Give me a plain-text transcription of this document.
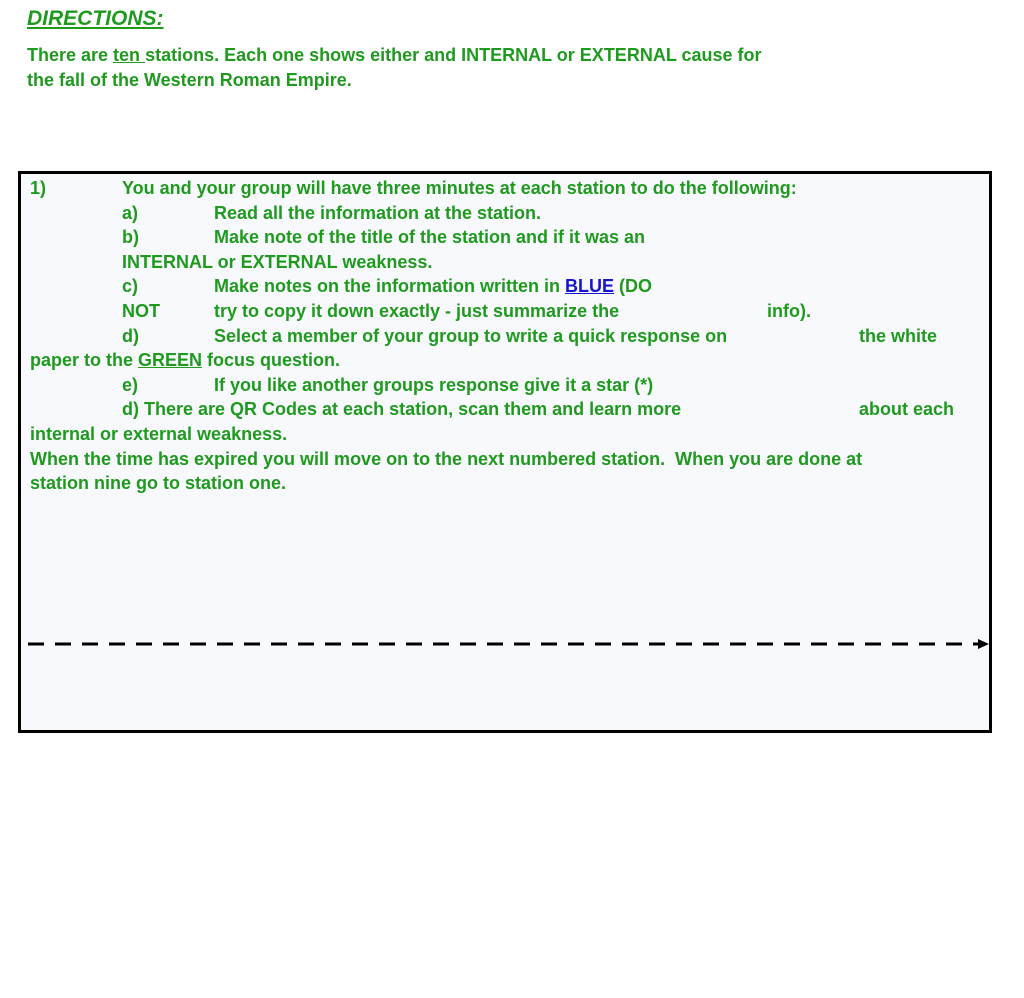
DIRECTIONS:
There are ten stations. Each one shows either and INTERNAL or EXTERNAL cause for
the fall of the Western Roman Empire.

1)

	You and your group will have three minutes at each station to do the following:

a)

	Read all the information at the station.

b)

	Make note of the title of the station and if it was an

INTERNAL or EXTERNAL weakness.

c)

	Make notes on the information written in BLUE (DO

NOT

	try to copy it down exactly - just summarize the

	info).

d)

	Select a member of your group to write a quick response on

	the white

paper to the GREEN focus question.

e)

	If you like another groups response give it a star (*)

d) There are QR Codes at each station, scan them and learn more

	about each

internal or external weakness.

When the time has expired you will move on to the next numbered station.  When you are done at

station nine go to station one.
